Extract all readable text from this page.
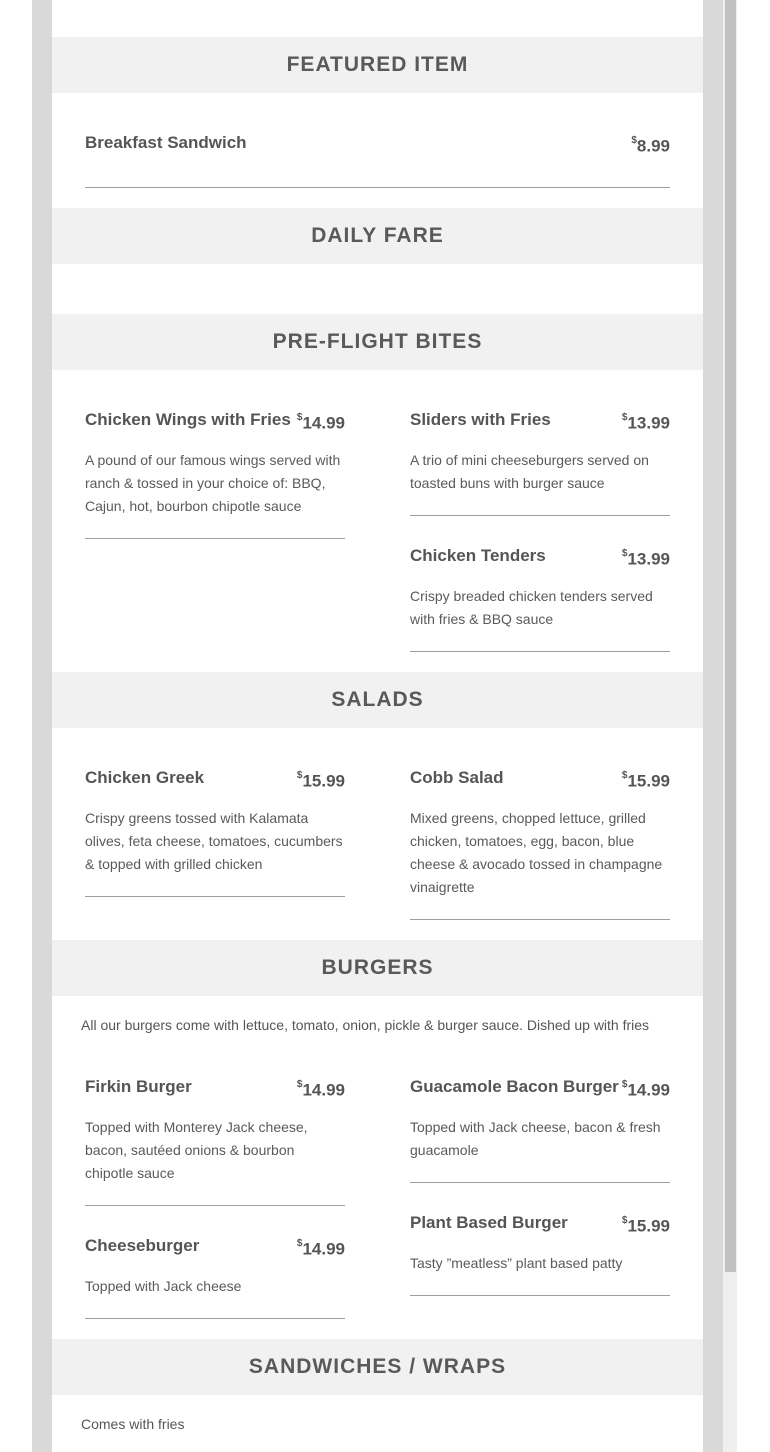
FEATURED ITEM
Breakfast Sandwich	$8.99
DAILY FARE
PRE-FLIGHT BITES
Chicken Wings with Fries $14.99
A pound of our famous wings served with ranch & tossed in your choice of: BBQ, Cajun, hot, bourbon chipotle sauce
Sliders with Fries	$13.99
A trio of mini cheeseburgers served on toasted buns with burger sauce
Chicken Tenders	$13.99
Crispy breaded chicken tenders served with fries & BBQ sauce
SALADS
Chicken Greek	$15.99
Crispy greens tossed with Kalamata olives, feta cheese, tomatoes, cucumbers & topped with grilled chicken
Cobb Salad	$15.99
Mixed greens, chopped lettuce, grilled chicken, tomatoes, egg, bacon, blue cheese & avocado tossed in champagne vinaigrette
BURGERS
All our burgers come with lettuce, tomato, onion, pickle & burger sauce. Dished up with fries
Firkin Burger	$14.99
Topped with Monterey Jack cheese, bacon, sautéed onions & bourbon chipotle sauce
Guacamole Bacon Burger $14.99
Topped with Jack cheese, bacon & fresh guacamole
Cheeseburger	$14.99
Topped with Jack cheese
Plant Based Burger	$15.99
Tasty ”meatless” plant based patty
SANDWICHES / WRAPS
Comes with fries
